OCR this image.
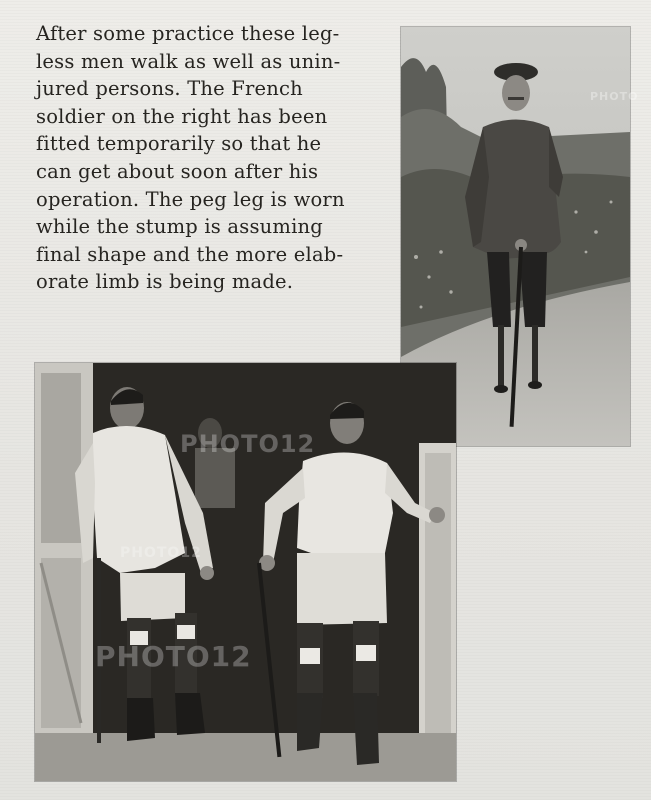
After some practice these leg-
less men walk as well as unin-
jured persons. The French
soldier on the right has been
fitted temporarily so that he
can get about soon after his
operation. The peg leg is worn
while the stump is assuming
final shape and the more elab-
orate limb is being made.
PHOTO12
PHOTO12
PHOTO12
PHOTO
